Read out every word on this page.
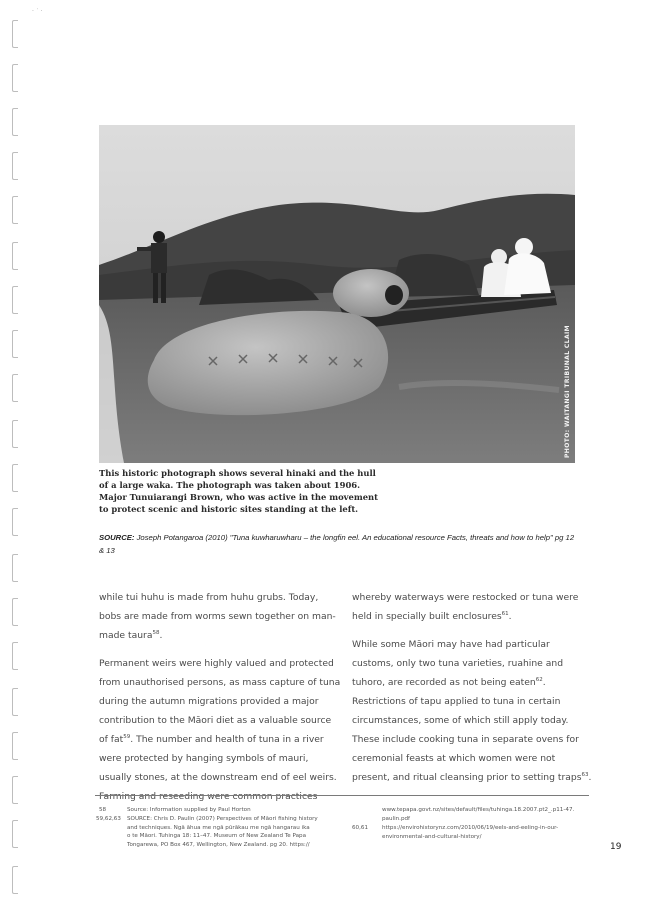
· ˙ ·
PHOTO: WAITANGI TRIBUNAL CLAIM

This historic photograph shows several hinaki and the hull
of a large waka. The photograph was taken about 1906.
Major Tunuiarangi Brown, who was active in the movement
to protect scenic and historic sites standing at the left.

SOURCE: Joseph Potangaroa (2010) "Tuna kuwharuwharu – the longfin eel. An educational resource Facts, threats and how to help" pg 12 & 13

while tui huhu is made from huhu grubs. Today, bobs are made from worms sewn together on man-made taura$^{58}$.

Permanent weirs were highly valued and protected from unauthorised persons, as mass capture of tuna during the autumn migrations provided a major contribution to the Māori diet as a valuable source of fat$^{59}$. The number and health of tuna in a river were protected by hanging symbols of mauri, usually stones, at the downstream end of eel weirs. Farming and reseeding were common practices

whereby waterways were restocked or tuna were held in specially built enclosures$^{61}$.

While some Māori may have had particular customs, only two tuna varieties, ruahine and tuhoro, are recorded as not being eaten$^{62}$. Restrictions of tapu applied to tuna in certain circumstances, some of which still apply today. These include cooking tuna in separate ovens for ceremonial feasts at which women were not present, and ritual cleansing prior to setting traps$^{63}$.

58	Source: Information supplied by Paul Horton

59,62,63	SOURCE: Chris D. Paulin (2007) Perspectives of Māori fishing history
and techniques. Ngā āhua me ngā pūrākau me ngā hangarau ika
o te Māori. Tuhinga 18: 11–47. Museum of New Zealand Te Papa
Tongarewa, PO Box 467, Wellington, New Zealand. pg 20. https://

www.tepapa.govt.nz/sites/default/files/tuhinga.18.2007.pt2_.p11-47.
paulin.pdf

60,61	https://envirohistorynz.com/2010/06/19/eels-and-eeling-in-our-
environmental-and-cultural-history/

19
